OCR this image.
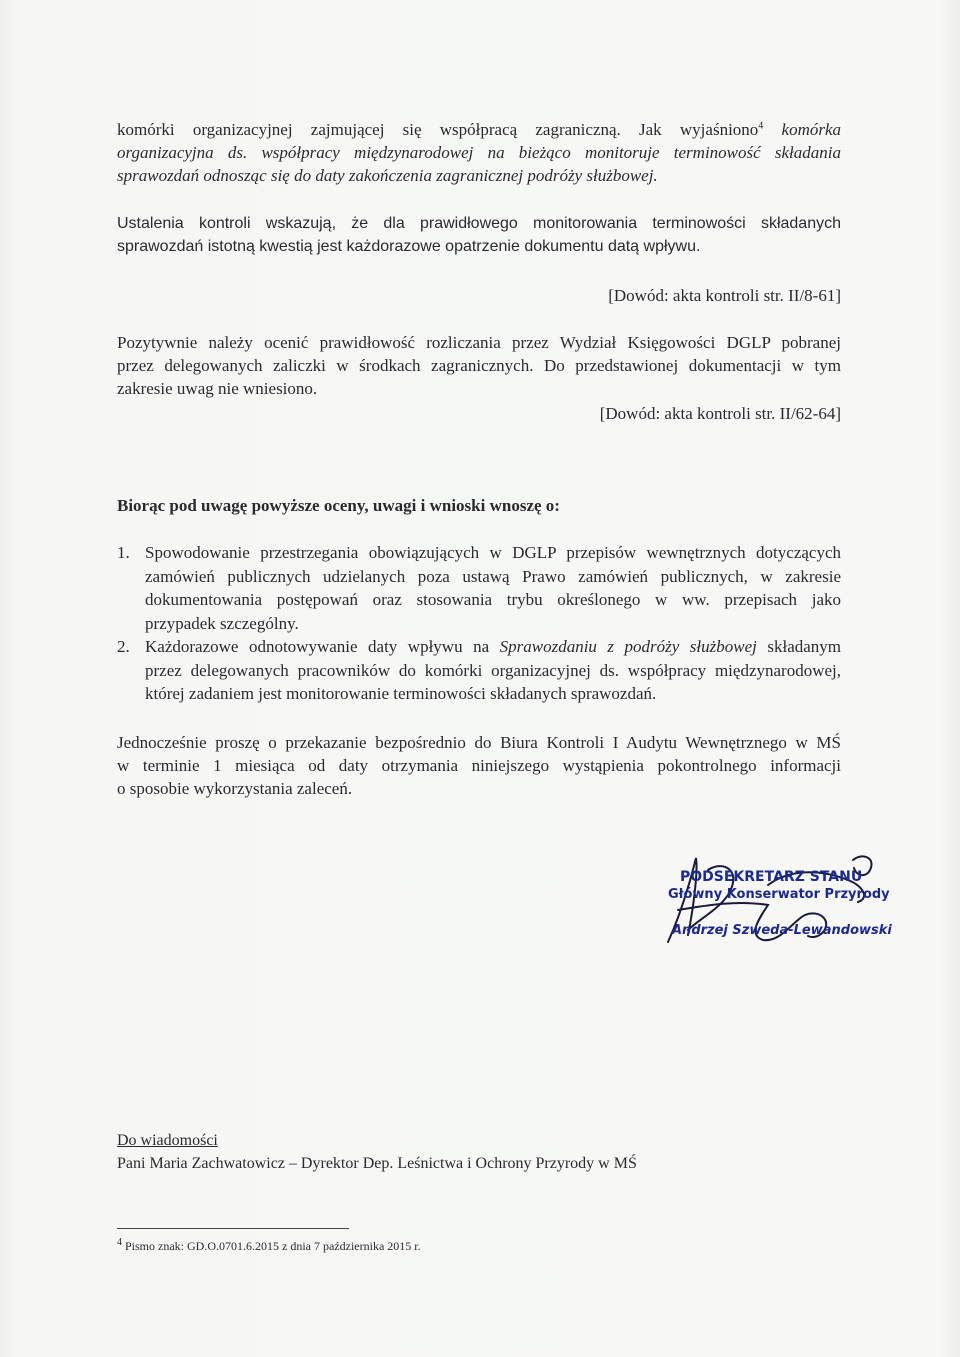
komórki organizacyjnej zajmującej się współpracą zagraniczną. Jak wyjaśniono$^4$ komórka
organizacyjna ds. współpracy międzynarodowej na bieżąco monitoruje terminowość składania
sprawozdań odnosząc się do daty zakończenia zagranicznej podróży służbowej.
Ustalenia kontroli wskazują, że dla prawidłowego monitorowania terminowości składanych
sprawozdań istotną kwestią jest każdorazowe opatrzenie dokumentu datą wpływu.
[Dowód: akta kontroli str. II/8-61]
Pozytywnie należy ocenić prawidłowość rozliczania przez Wydział Księgowości DGLP pobranej
przez delegowanych zaliczki w środkach zagranicznych. Do przedstawionej dokumentacji w tym
zakresie uwag nie wniesiono.
[Dowód: akta kontroli str. II/62-64]
Biorąc pod uwagę powyższe oceny, uwagi i wnioski wnoszę o:
1. Spowodowanie przestrzegania obowiązujących w DGLP przepisów wewnętrznych dotyczących
zamówień publicznych udzielanych poza ustawą Prawo zamówień publicznych, w zakresie
dokumentowania postępowań oraz stosowania trybu określonego w ww. przepisach jako
przypadek szczególny.
2. Każdorazowe odnotowywanie daty wpływu na Sprawozdaniu z podróży służbowej składanym
przez delegowanych pracowników do komórki organizacyjnej ds. współpracy międzynarodowej,
której zadaniem jest monitorowanie terminowości składanych sprawozdań.
Jednocześnie proszę o przekazanie bezpośrednio do Biura Kontroli I Audytu Wewnętrznego w MŚ
w terminie 1 miesiąca od daty otrzymania niniejszego wystąpienia pokontrolnego informacji
o sposobie wykorzystania zaleceń.
PODSEKRETARZ STANU
Główny Konserwator Przyrody
Andrzej Szweda-Lewandowski
Do wiadomości
Pani Maria Zachwatowicz – Dyrektor Dep. Leśnictwa i Ochrony Przyrody w MŚ
$^4$ Pismo znak: GD.O.0701.6.2015 z dnia 7 października 2015 r.
